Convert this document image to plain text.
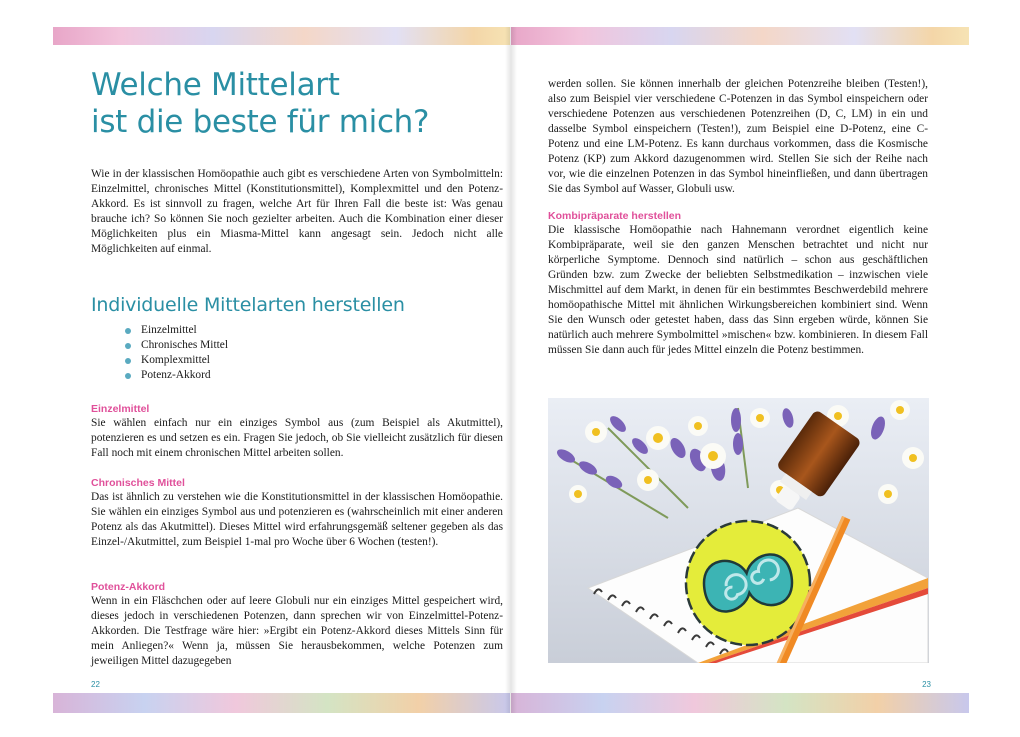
Welche Mittelart
ist die beste für mich?

Wie in der klassischen Homöopathie auch gibt es verschiedene Arten von Symbolmitteln: Einzelmittel, chronisches Mittel (Konstitutionsmittel), Komplexmittel und den Potenz-Akkord. Es ist sinnvoll zu fragen, welche Art für Ihren Fall die beste ist: Was genau brauche ich? So können Sie noch gezielter arbeiten. Auch die Kombination einer dieser Möglichkeiten plus ein Miasma-Mittel kann angesagt sein. Jedoch nicht alle Möglichkeiten auf einmal.

Individuelle Mittelarten herstellen
Einzelmittel
Chronisches Mittel
Komplexmittel
Potenz-Akkord
Einzelmittel

Sie wählen einfach nur ein einziges Symbol aus (zum Beispiel als Akutmittel), potenzieren es und setzen es ein. Fragen Sie jedoch, ob Sie vielleicht zusätzlich für diesen Fall noch mit einem chronischen Mittel arbeiten sollen.

Chronisches Mittel

Das ist ähnlich zu verstehen wie die Konstitutionsmittel in der klassischen Homöopathie. Sie wählen ein einziges Symbol aus und potenzieren es (wahrscheinlich mit einer anderen Potenz als das Akutmittel). Dieses Mittel wird erfahrungsgemäß seltener gegeben als das Einzel-/Akutmittel, zum Beispiel 1-mal pro Woche über 6 Wochen (testen!).

Potenz-Akkord

Wenn in ein Fläschchen oder auf leere Globuli nur ein einziges Mittel gespeichert wird, dieses jedoch in verschiedenen Potenzen, dann sprechen wir von Einzelmittel-Potenz-Akkorden. Die Testfrage wäre hier: »Ergibt ein Potenz-Akkord dieses Mittels Sinn für mein Anliegen?« Wenn ja, müssen Sie herausbekommen, welche Potenzen zum jeweiligen Mittel dazugegeben

22

werden sollen. Sie können innerhalb der gleichen Potenzreihe bleiben (Testen!), also zum Beispiel vier verschiedene C-Potenzen in das Symbol einspeichern oder verschiedene Potenzen aus verschiedenen Potenzreihen (D, C, LM) in ein und dasselbe Symbol einspeichern (Testen!), zum Beispiel eine D-Potenz, eine C-Potenz und eine LM-Potenz. Es kann durchaus vorkommen, dass die Kosmische Potenz (KP) zum Akkord dazugenommen wird. Stellen Sie sich der Reihe nach vor, wie die einzelnen Potenzen in das Symbol hineinfließen, und dann übertragen Sie das Symbol auf Wasser, Globuli usw.

Kombipräparate herstellen

Die klassische Homöopathie nach Hahnemann verordnet eigentlich keine Kombipräparate, weil sie den ganzen Menschen betrachtet und nicht nur körperliche Symptome. Dennoch sind natürlich – schon aus geschäftlichen Gründen bzw. zum Zwecke der beliebten Selbstmedikation – inzwischen viele Mischmittel auf dem Markt, in denen für ein bestimmtes Beschwerdebild mehrere homöopathische Mittel mit ähnlichen Wirkungsbereichen kombiniert sind. Wenn Sie den Wunsch oder getestet haben, dass das Sinn ergeben würde, können Sie natürlich auch mehrere Symbolmittel »mischen« bzw. kombinieren. In diesem Fall müssen Sie dann auch für jedes Mittel einzeln die Potenz bestimmen.

23
